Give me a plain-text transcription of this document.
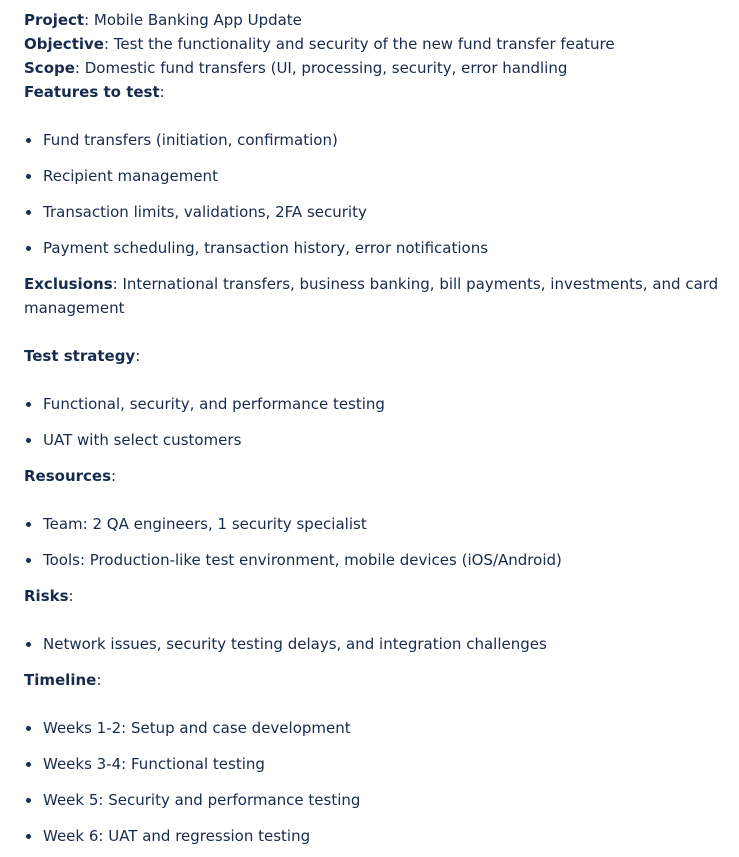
Project: Mobile Banking App Update

Objective: Test the functionality and security of the new fund transfer feature

Scope: Domestic fund transfers (UI, processing, security, error handling

Features to test:

Fund transfers (initiation, confirmation)
Recipient management
Transaction limits, validations, 2FA security
Payment scheduling, transaction history, error notifications

Exclusions: International transfers, business banking, bill payments, investments, and card management

Test strategy:

Functional, security, and performance testing
UAT with select customers

Resources:

Team: 2 QA engineers, 1 security specialist
Tools: Production-like test environment, mobile devices (iOS/Android)

Risks:

Network issues, security testing delays, and integration challenges

Timeline:

Weeks 1-2: Setup and case development
Weeks 3-4: Functional testing
Week 5: Security and performance testing
Week 6: UAT and regression testing
